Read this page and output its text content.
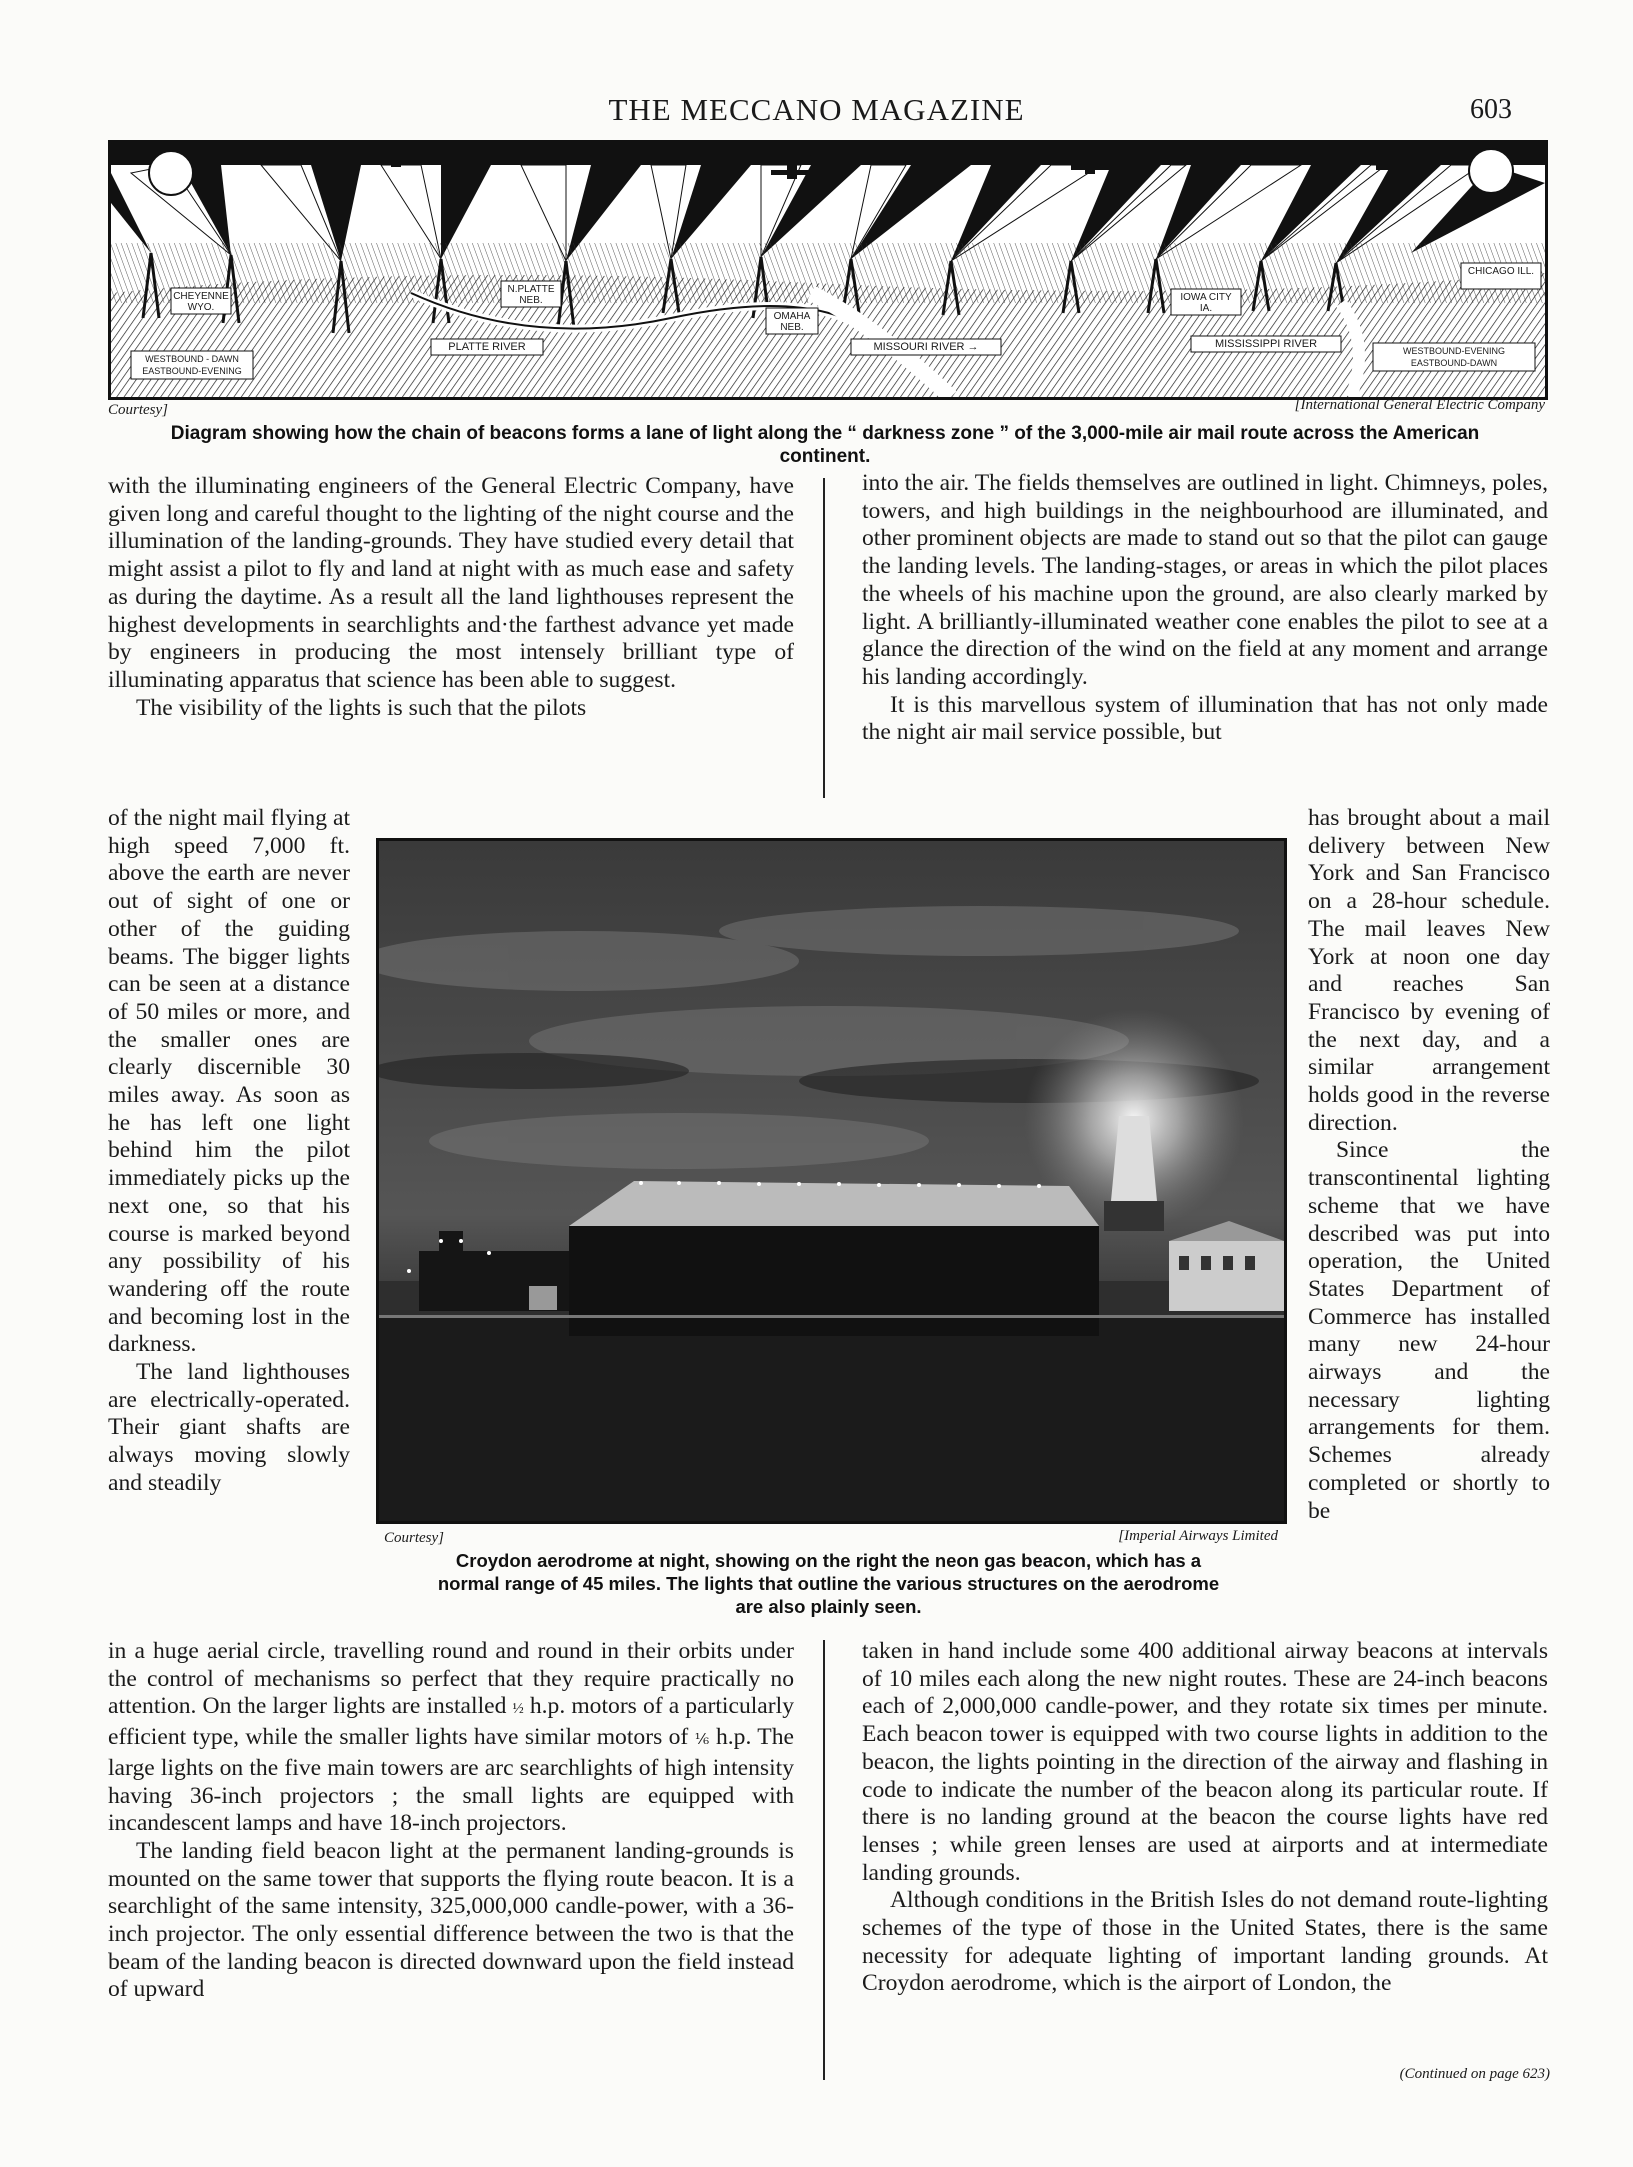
THE MECCANO MAGAZINE	603
CHEYENNE WYO.
N.PLATTE NEB.
OMAHA NEB.
IOWA CITY IA.
CHICAGO ILL.
PLATTE RIVER	MISSOURI RIVER →	MISSISSIPPI RIVER
WESTBOUND - DAWN
EASTBOUND-EVENING
WESTBOUND-EVENING
EASTBOUND-DAWN
Courtesy]	[International General Electric Company
Diagram showing how the chain of beacons forms a lane of light along the “ darkness zone ” of the 3,000-mile air mail route across the American
continent.

with the illuminating engineers of the General Electric Company, have given long and careful thought to the lighting of the night course and the illumination of the landing-grounds. They have studied every detail that might assist a pilot to fly and land at night with as much ease and safety as during the daytime. As a result all the land lighthouses represent the highest developments in searchlights and·the farthest advance yet made by engineers in producing the most intensely brilliant type of illuminating apparatus that science has been able to suggest.

The visibility of the lights is such that the pilots

of the night mail flying at high speed 7,000 ft. above the earth are never out of sight of one or other of the guiding beams. The bigger lights can be seen at a distance of 50 miles or more, and the smaller ones are clearly discernible 30 miles away. As soon as he has left one light behind him the pilot immediately picks up the next one, so that his course is marked beyond any possibility of his wandering off the route and becoming lost in the darkness.

The land lighthouses are electrically-operated. Their giant shafts are always moving slowly and steadily

into the air. The fields themselves are outlined in light. Chimneys, poles, towers, and high buildings in the neighbourhood are illuminated, and other prominent objects are made to stand out so that the pilot can gauge the landing levels. The landing-stages, or areas in which the pilot places the wheels of his machine upon the ground, are also clearly marked by light. A brilliantly-illuminated weather cone enables the pilot to see at a glance the direction of the wind on the field at any moment and arrange his landing accordingly.

It is this marvellous system of illumination that has not only made the night air mail service possible, but

has brought about a mail delivery between New York and San Francisco on a 28-hour schedule. The mail leaves New York at noon one day and reaches San Francisco by evening of the next day, and a similar arrangement holds good in the reverse direction.

Since the transcontinental lighting scheme that we have described was put into operation, the United States Department of Commerce has installed many new 24-hour airways and the necessary lighting arrangements for them. Schemes already completed or shortly to be

Courtesy]	[Imperial Airways Limited
Croydon aerodrome at night, showing on the right the neon gas beacon, which has a
normal range of 45 miles. The lights that outline the various structures on the aerodrome
are also plainly seen.

in a huge aerial circle, travelling round and round in their orbits under the control of mechanisms so perfect that they require practically no attention. On the larger lights are installed ½ h.p. motors of a particularly efficient type, while the smaller lights have similar motors of ⅙ h.p. The large lights on the five main towers are arc searchlights of high intensity having 36-inch projectors ; the small lights are equipped with incandescent lamps and have 18-inch projectors.

The landing field beacon light at the permanent landing-grounds is mounted on the same tower that supports the flying route beacon. It is a searchlight of the same intensity, 325,000,000 candle-power, with a 36-inch projector. The only essential difference between the two is that the beam of the landing beacon is directed downward upon the field instead of upward

taken in hand include some 400 additional airway beacons at intervals of 10 miles each along the new night routes. These are 24-inch beacons each of 2,000,000 candle-power, and they rotate six times per minute. Each beacon tower is equipped with two course lights in addition to the beacon, the lights pointing in the direction of the airway and flashing in code to indicate the number of the beacon along its particular route. If there is no landing ground at the beacon the course lights have red lenses ; while green lenses are used at airports and at intermediate landing grounds.

Although conditions in the British Isles do not demand route-lighting schemes of the type of those in the United States, there is the same necessity for adequate lighting of important landing grounds. At Croydon aerodrome, which is the airport of London, the

(Continued on page 623)
